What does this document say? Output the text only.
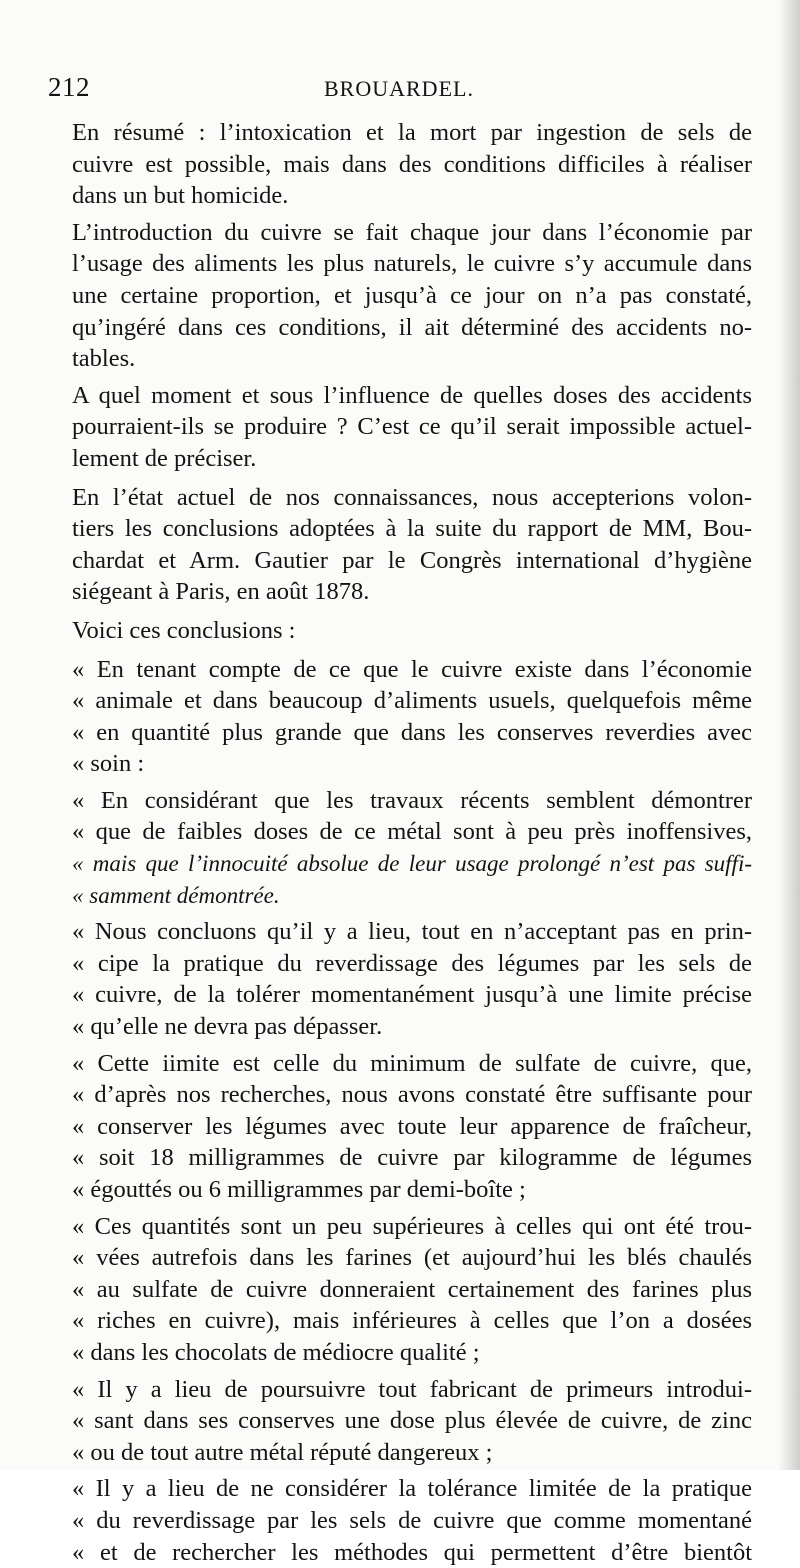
212	BROUARDEL.

En résumé : l’intoxication et la mort par ingestion de sels de
cuivre est possible, mais dans des conditions difficiles à réaliser
dans un but homicide.

L’introduction du cuivre se fait chaque jour dans l’économie par
l’usage des aliments les plus naturels, le cuivre s’y accumule dans
une certaine proportion, et jusqu’à ce jour on n’a pas constaté,
qu’ingéré dans ces conditions, il ait déterminé des accidents no-
tables.

A quel moment et sous l’influence de quelles doses des accidents
pourraient-ils se produire ? C’est ce qu’il serait impossible actuel-
lement de préciser.

En l’état actuel de nos connaissances, nous accepterions volon-
tiers les conclusions adoptées à la suite du rapport de MM, Bou-
chardat et Arm. Gautier par le Congrès international d’hygiène
siégeant à Paris, en août 1878.

Voici ces conclusions :

« En tenant compte de ce que le cuivre existe dans l’économie
« animale et dans beaucoup d’aliments usuels, quelquefois même
« en quantité plus grande que dans les conserves reverdies avec
« soin :

« En considérant que les travaux récents semblent démontrer
« que de faibles doses de ce métal sont à peu près inoffensives,
« mais que l’innocuité absolue de leur usage prolongé n’est pas suffi-
« samment démontrée.

« Nous concluons qu’il y a lieu, tout en n’acceptant pas en prin-
« cipe la pratique du reverdissage des légumes par les sels de
« cuivre, de la tolérer momentanément jusqu’à une limite précise
« qu’elle ne devra pas dépasser.

« Cette iimite est celle du minimum de sulfate de cuivre, que,
« d’après nos recherches, nous avons constaté être suffisante pour
« conserver les légumes avec toute leur apparence de fraîcheur,
« soit 18 milligrammes de cuivre par kilogramme de légumes
« égouttés ou 6 milligrammes par demi-boîte ;

« Ces quantités sont un peu supérieures à celles qui ont été trou-
« vées autrefois dans les farines (et aujourd’hui les blés chaulés
« au sulfate de cuivre donneraient certainement des farines plus
« riches en cuivre), mais inférieures à celles que l’on a dosées
« dans les chocolats de médiocre qualité ;

« Il y a lieu de poursuivre tout fabricant de primeurs introdui-
« sant dans ses conserves une dose plus élevée de cuivre, de zinc
« ou de tout autre métal réputé dangereux ;

« Il y a lieu de ne considérer la tolérance limitée de la pratique
« du reverdissage par les sels de cuivre que comme momentané
« et de rechercher les méthodes qui permettent d’être bientôt
